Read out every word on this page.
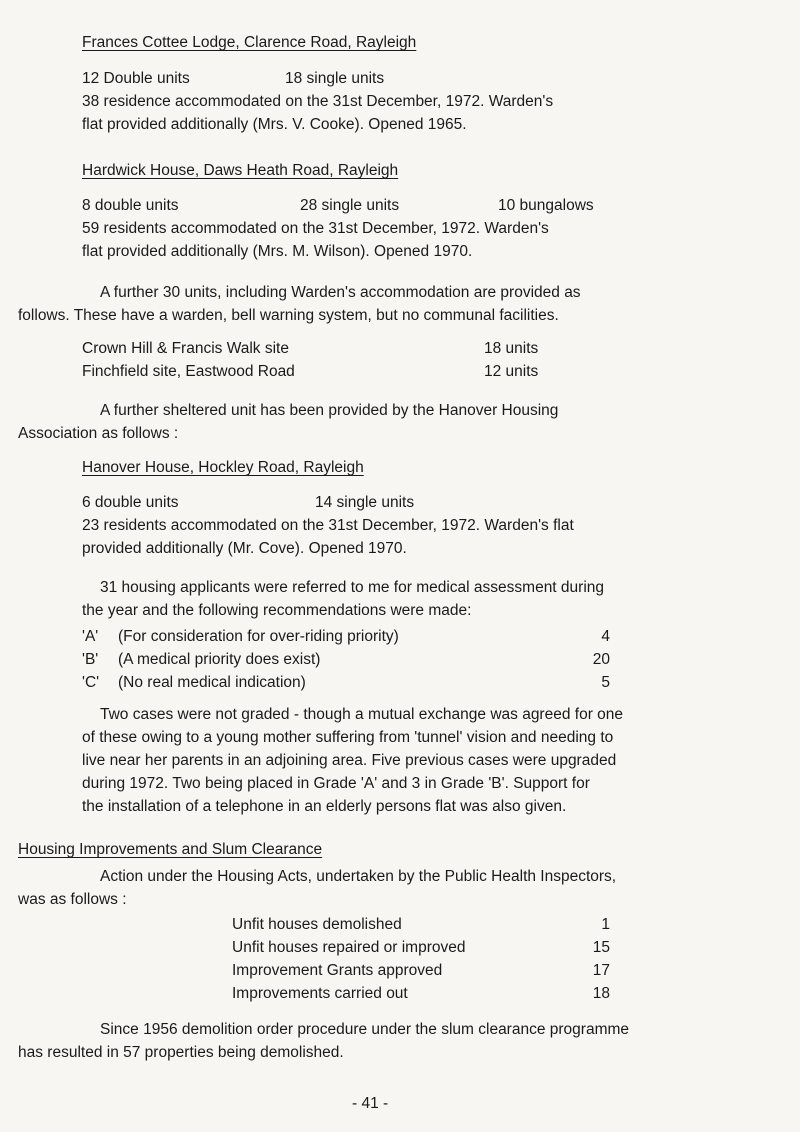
Frances Cottee Lodge, Clarence Road, Rayleigh
12 Double units	18 single units
38 residence accommodated on the 31st December, 1972. Warden's
flat provided additionally (Mrs. V. Cooke). Opened 1965.
Hardwick House, Daws Heath Road, Rayleigh
8 double units	28 single units	10 bungalows
59 residents accommodated on the 31st December, 1972. Warden's
flat provided additionally (Mrs. M. Wilson). Opened 1970.
A further 30 units, including Warden's accommodation are provided as
follows. These have a warden, bell warning system, but no communal facilities.
Crown Hill & Francis Walk site	18 units
Finchfield site, Eastwood Road	12 units
A further sheltered unit has been provided by the Hanover Housing
Association as follows :
Hanover House, Hockley Road, Rayleigh
6 double units	14 single units
23 residents accommodated on the 31st December, 1972. Warden's flat
provided additionally (Mr. Cove). Opened 1970.
31 housing applicants were referred to me for medical assessment during
the year and the following recommendations were made:
'A' (For consideration for over-riding priority)	4
'B' (A medical priority does exist)	20
'C' (No real medical indication)	5
Two cases were not graded - though a mutual exchange was agreed for one
of these owing to a young mother suffering from 'tunnel' vision and needing to
live near her parents in an adjoining area. Five previous cases were upgraded
during 1972. Two being placed in Grade 'A' and 3 in Grade 'B'. Support for
the installation of a telephone in an elderly persons flat was also given.
Housing Improvements and Slum Clearance
Action under the Housing Acts, undertaken by the Public Health Inspectors,
was as follows :
Unfit houses demolished	1
Unfit houses repaired or improved	15
Improvement Grants approved	17
Improvements carried out	18
Since 1956 demolition order procedure under the slum clearance programme
has resulted in 57 properties being demolished.
- 41 -
